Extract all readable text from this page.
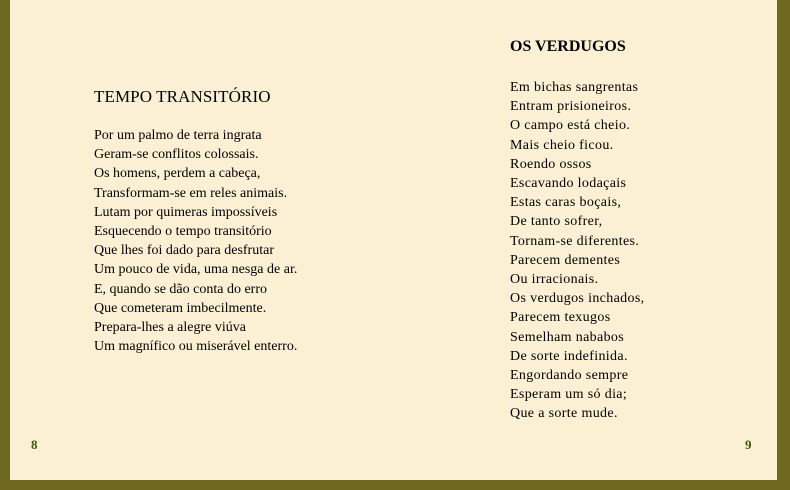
TEMPO TRANSITÓRIO
Por um palmo de terra ingrata
Geram-se conflitos colossais.
Os homens, perdem a cabeça,
Transformam-se em reles animais.
Lutam por quimeras impossíveis
Esquecendo o tempo transitório
Que lhes foi dado para desfrutar
Um pouco de vida, uma nesga de ar.
E, quando se dão conta do erro
Que cometeram imbecilmente.
Prepara-lhes a alegre viúva
Um magnífico ou miserável enterro.
8
OS VERDUGOS
Em bichas sangrentas
Entram prisioneiros.
O campo está cheio.
Mais cheio ficou.
Roendo ossos
Escavando lodaçais
Estas caras boçais,
De tanto sofrer,
Tornam-se diferentes.
Parecem dementes
Ou irracionais.
Os verdugos inchados,
Parecem texugos
Semelham nababos
De sorte indefinida.
Engordando sempre
Esperam um só dia;
Que a sorte mude.
9
